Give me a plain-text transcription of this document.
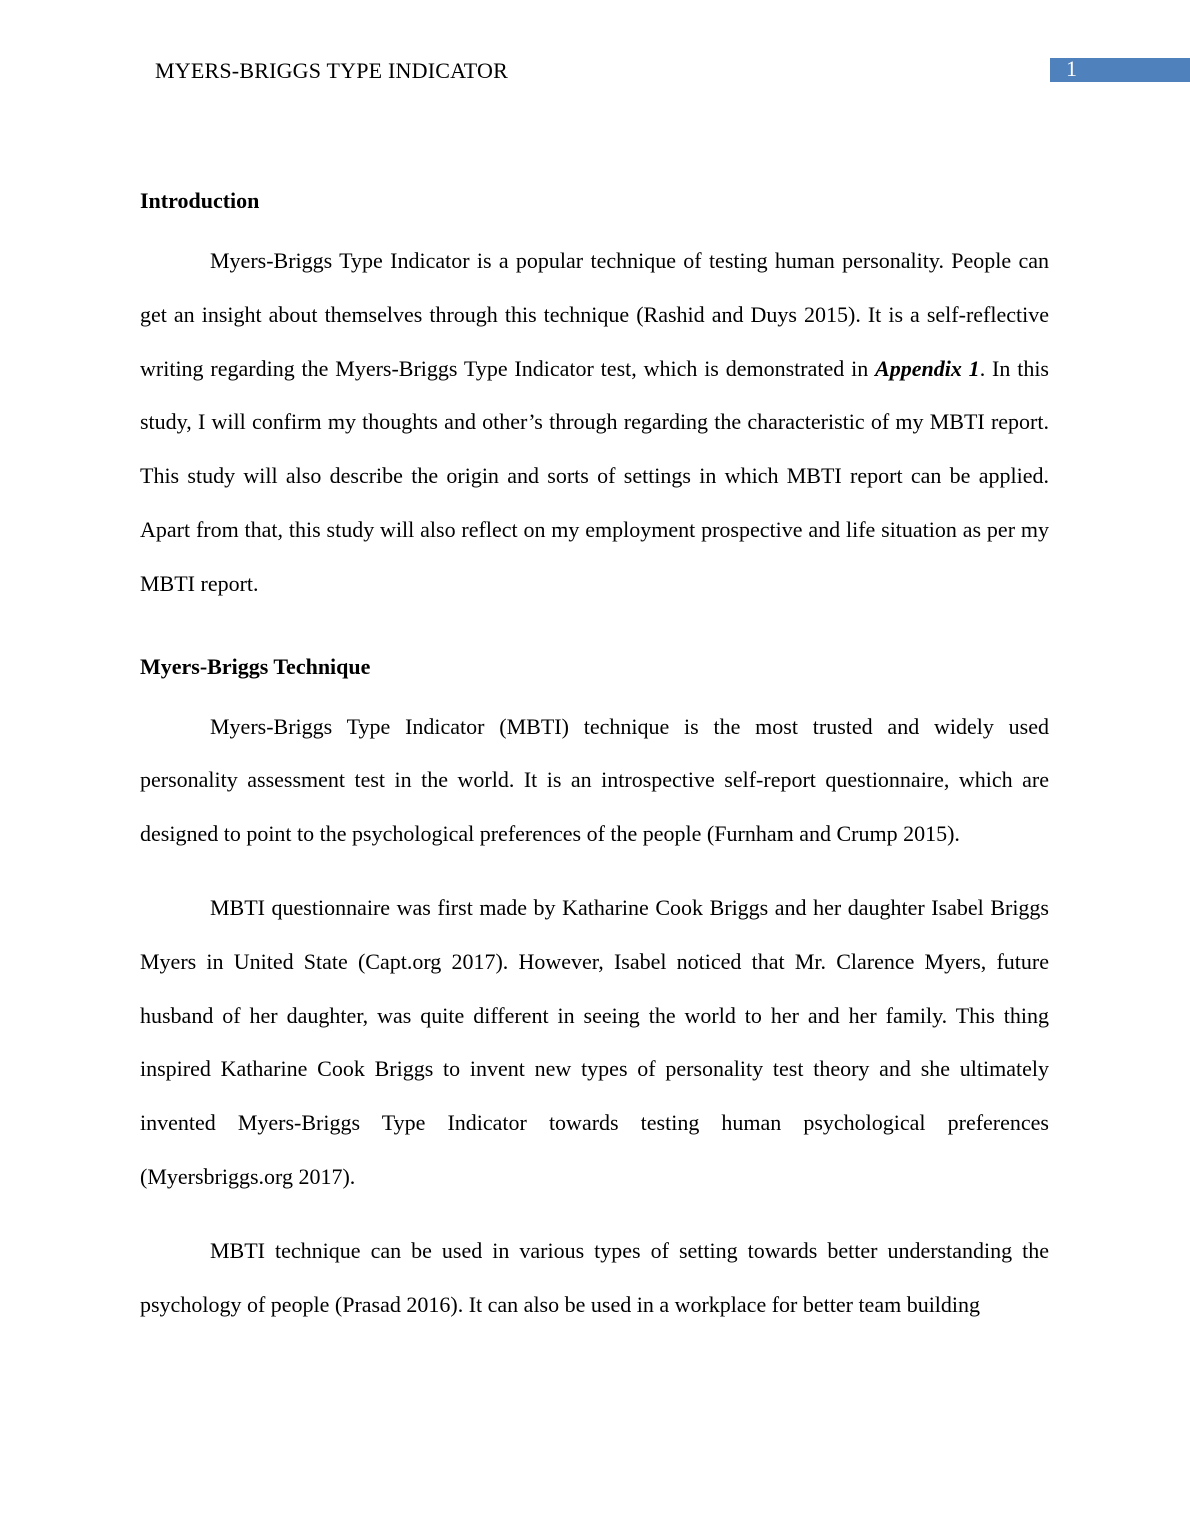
MYERS-BRIGGS TYPE INDICATOR	1
Introduction

Myers-Briggs Type Indicator is a popular technique of testing human personality. People can get an insight about themselves through this technique (Rashid and Duys 2015). It is a self-reflective writing regarding the Myers-Briggs Type Indicator test, which is demonstrated in Appendix 1. In this study, I will confirm my thoughts and other’s through regarding the characteristic of my MBTI report. This study will also describe the origin and sorts of settings in which MBTI report can be applied. Apart from that, this study will also reflect on my employment prospective and life situation as per my MBTI report.

Myers-Briggs Technique

Myers-Briggs Type Indicator (MBTI) technique is the most trusted and widely used personality assessment test in the world. It is an introspective self-report questionnaire, which are designed to point to the psychological preferences of the people (Furnham and Crump 2015).

MBTI questionnaire was first made by Katharine Cook Briggs and her daughter Isabel Briggs Myers in United State (Capt.org 2017). However, Isabel noticed that Mr. Clarence Myers, future husband of her daughter, was quite different in seeing the world to her and her family. This thing inspired Katharine Cook Briggs to invent new types of personality test theory and she ultimately invented Myers-Briggs Type Indicator towards testing human psychological preferences (Myersbriggs.org 2017).

MBTI technique can be used in various types of setting towards better understanding the psychology of people (Prasad 2016). It can also be used in a workplace for better team building
